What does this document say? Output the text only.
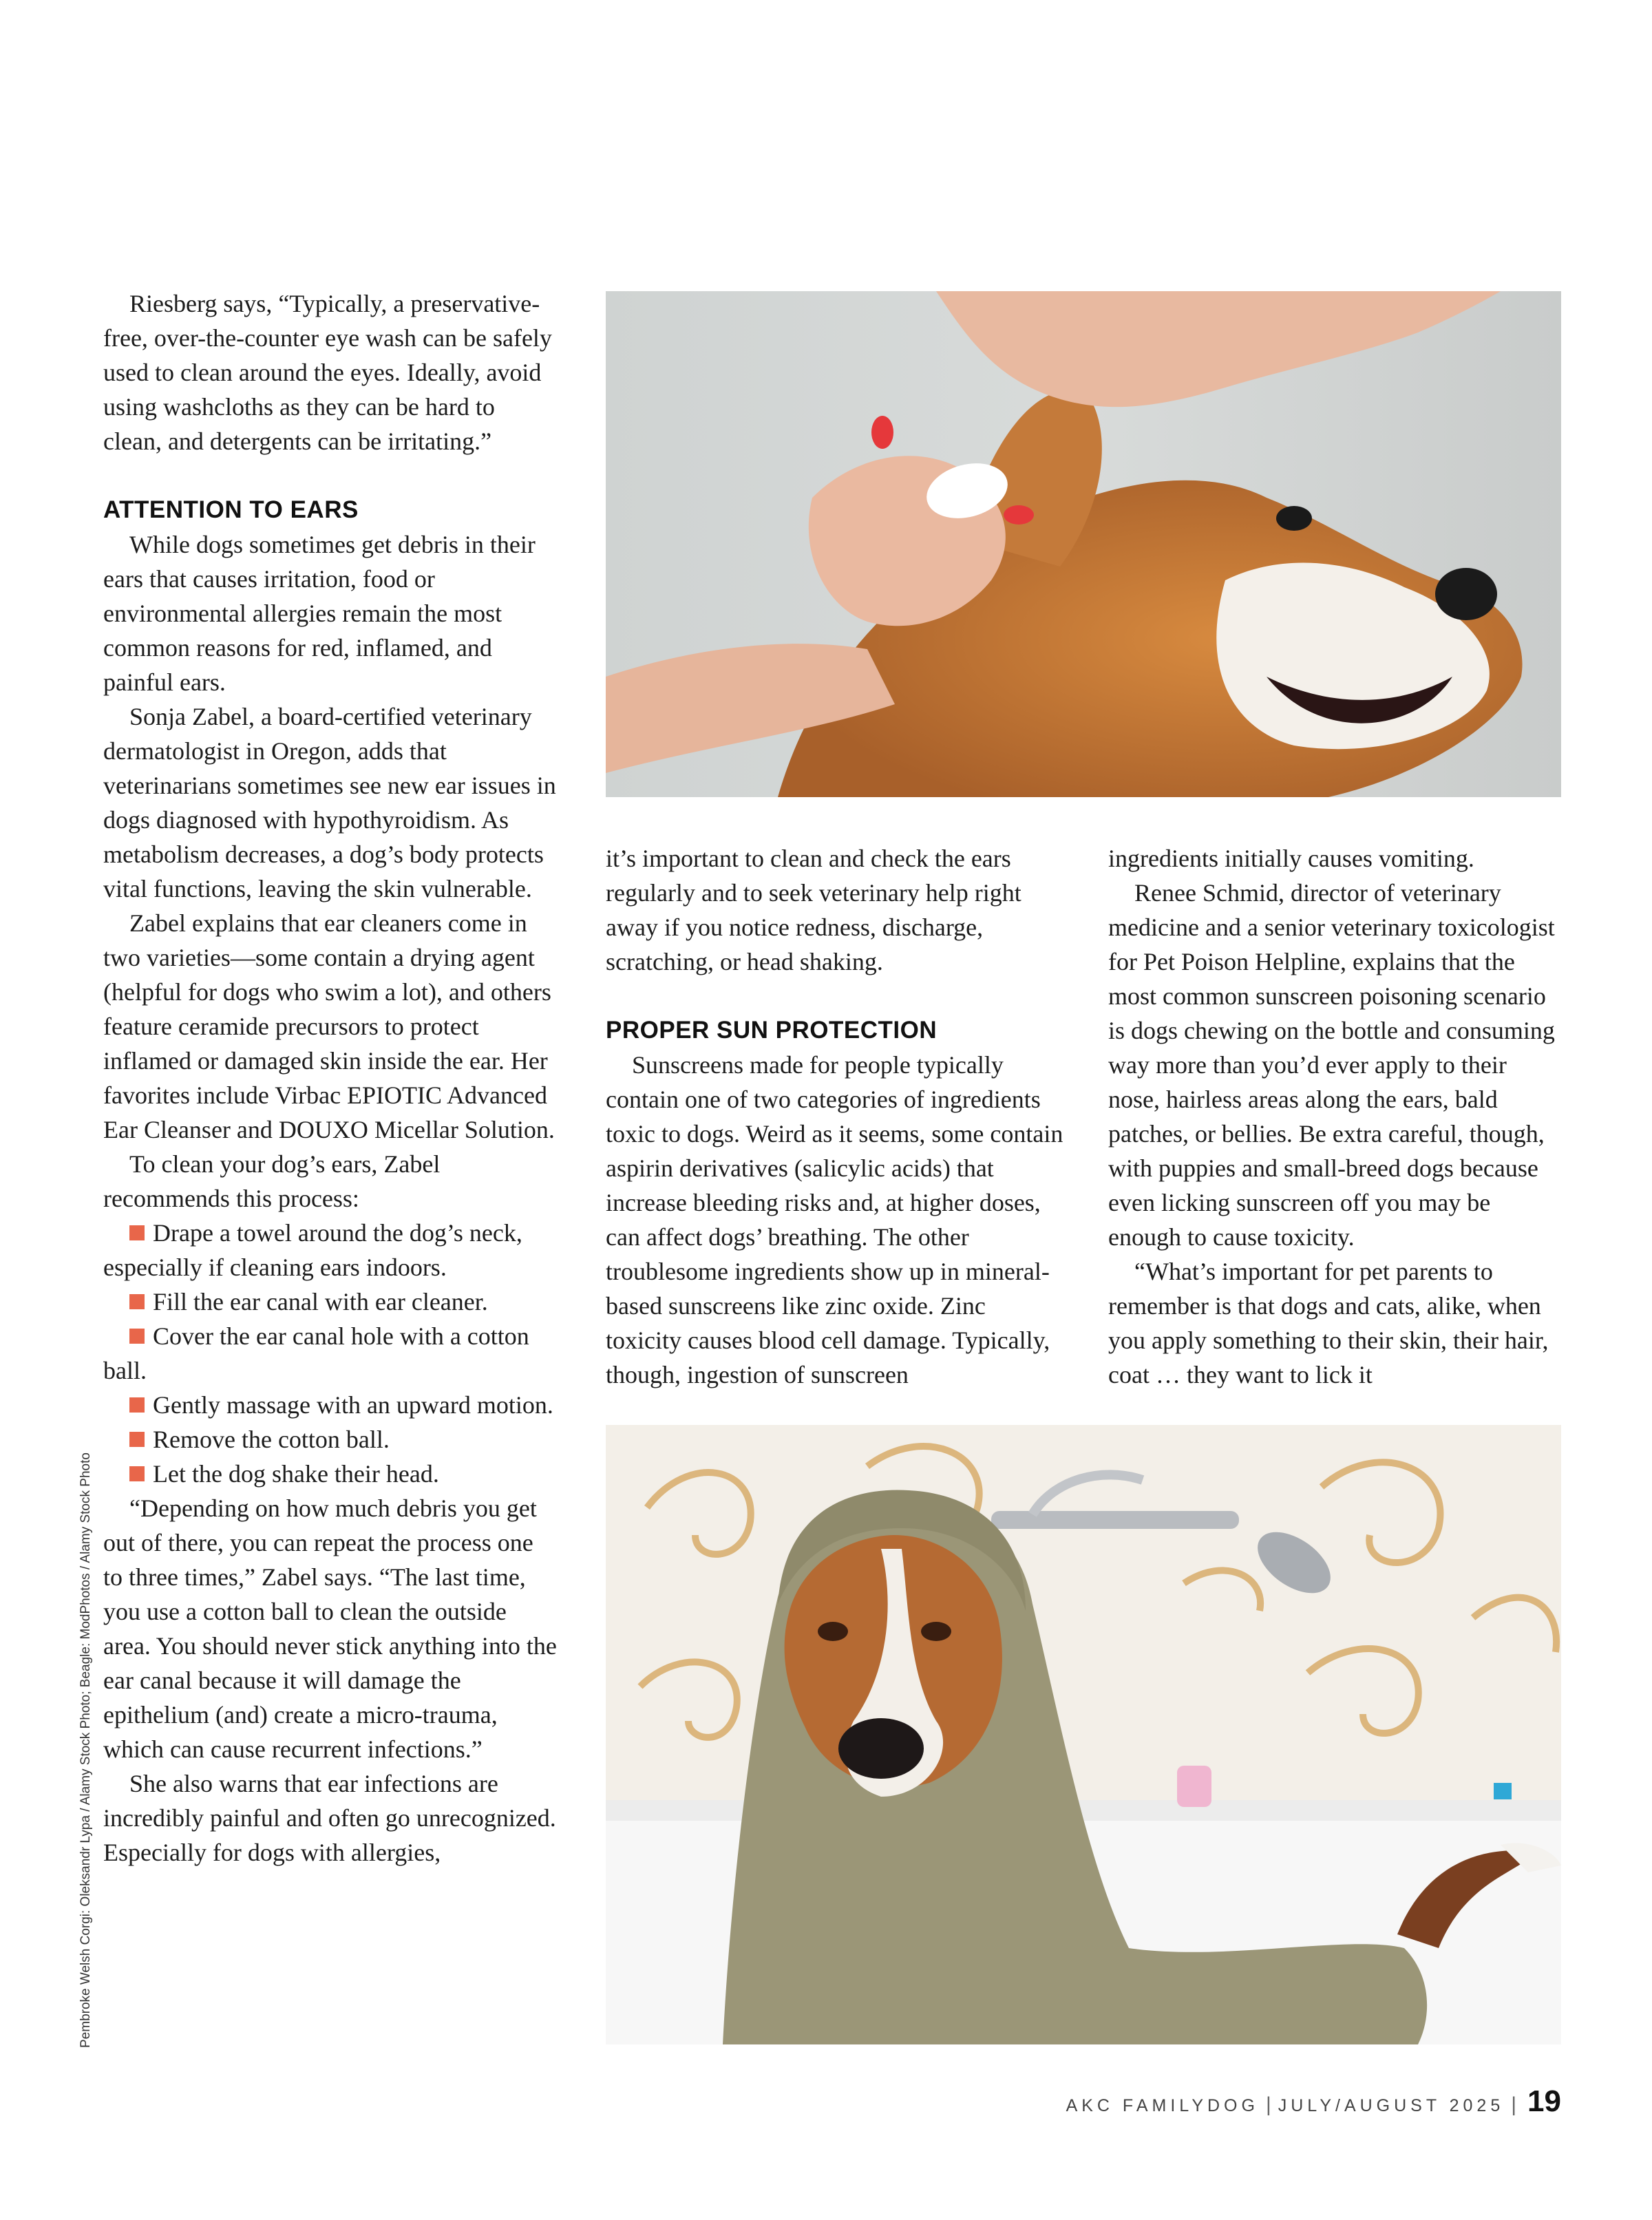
Riesberg says, “Typically, a preservative-free, over-the-counter eye wash can be safely used to clean around the eyes. Ideally, avoid using washcloths as they can be hard to clean, and detergents can be irritating.”

ATTENTION TO EARS

While dogs sometimes get debris in their ears that causes irritation, food or environmental allergies remain the most common reasons for red, inflamed, and painful ears.

Sonja Zabel, a board-certified veterinary dermatologist in Oregon, adds that veterinarians sometimes see new ear issues in dogs diagnosed with hypothyroidism. As metabolism decreases, a dog’s body protects vital functions, leaving the skin vulnerable.

Zabel explains that ear cleaners come in two varieties—some contain a drying agent (helpful for dogs who swim a lot), and others feature ceramide precursors to protect inflamed or damaged skin inside the ear. Her favorites include Virbac EPIOTIC Advanced Ear Cleanser and DOUXO Micellar Solution.

To clean your dog’s ears, Zabel recommends this process:

Drape a towel around the dog’s neck, especially if cleaning ears indoors.

Fill the ear canal with ear cleaner.

Cover the ear canal hole with a cotton ball.

Gently massage with an upward motion.

Remove the cotton ball.

Let the dog shake their head.

“Depending on how much debris you get out of there, you can repeat the process one to three times,” Zabel says. “The last time, you use a cotton ball to clean the outside area. You should never stick anything into the ear canal because it will damage the epithelium (and) create a micro-trauma, which can cause recurrent infections.”

She also warns that ear infections are incredibly painful and often go unrecognized. Especially for dogs with allergies,

it’s important to clean and check the ears regularly and to seek veterinary help right away if you notice redness, discharge, scratching, or head shaking.

PROPER SUN PROTECTION

Sunscreens made for people typically contain one of two categories of ingredients toxic to dogs. Weird as it seems, some contain aspirin derivatives (salicylic acids) that increase bleeding risks and, at higher doses, can affect dogs’ breathing. The other troublesome ingredients show up in mineral-based sunscreens like zinc oxide. Zinc toxicity causes blood cell damage. Typically, though, ingestion of sunscreen

ingredients initially causes vomiting.

Renee Schmid, director of veterinary medicine and a senior veterinary toxicologist for Pet Poison Helpline, explains that the most common sunscreen poisoning scenario is dogs chewing on the bottle and consuming way more than you’d ever apply to their nose, hairless areas along the ears, bald patches, or bellies. Be extra careful, though, with puppies and small-breed dogs because even licking sunscreen off you may be enough to cause toxicity.

“What’s important for pet parents to remember is that dogs and cats, alike, when you apply something to their skin, their hair, coat … they want to lick it

Pembroke Welsh Corgi: Oleksandr Lypa / Alamy Stock Photo; Beagle: ModPhotos / Alamy Stock Photo
AKC FAMILYDOG | JULY/AUGUST 2025 | 19
